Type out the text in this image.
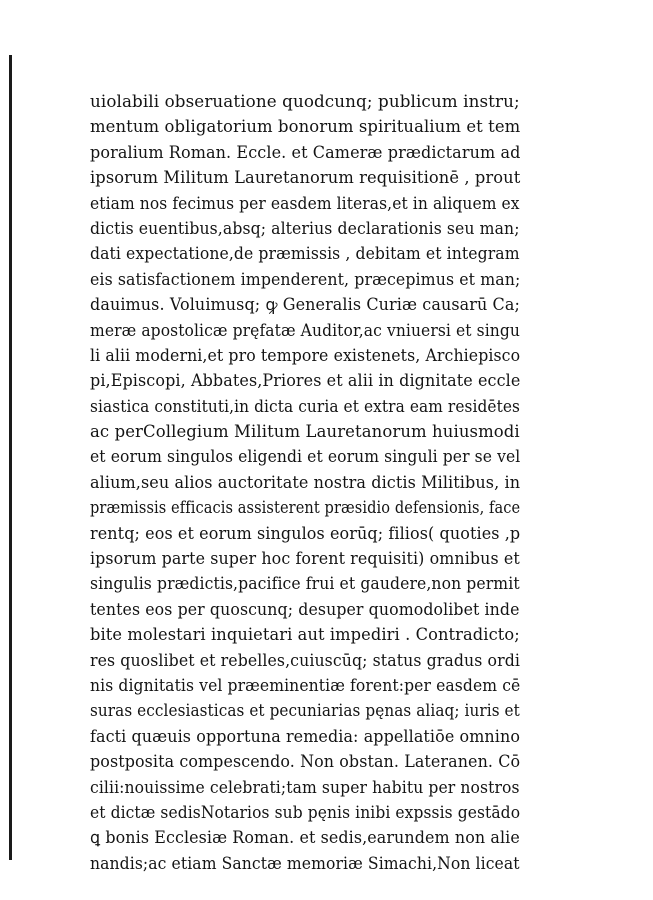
uiolabili obseruatione quodcunq; publicum instru;
mentum obligatorium bonorum spiritualium et tem
poralium Roman. Eccle. et Cameræ prædictarum ad
ipsorum Militum Lauretanorum requisitionē , prout
etiam nos fecimus per easdem literas,et in aliquem ex
dictis euentibus,absq; alterius declarationis seu man;
dati expectatione,de præmissis , debitam et integram
eis satisfactionem impenderent, præcepimus et man;
dauimus. Voluimusq; ꝙ Generalis Curiæ causarū Ca;
meræ apostolicæ pręfatæ Auditor,ac vniuersi et singu
li alii moderni,et pro tempore existenets, Archiepisco
pi,Episcopi, Abbates,Priores et alii in dignitate eccle
siastica constituti,in dicta curia et extra eam residētes
ac perCollegium Militum Lauretanorum huiusmodi
et eorum singulos eligendi et eorum singuli per se vel
alium,seu alios auctoritate nostra dictis Militibus, in
præmissis efficacis assisterent præsidio defensionis, face
rentq; eos et eorum singulos eorūq; filios( quoties ,p
ipsorum parte super hoc forent requisiti) omnibus et
singulis prædictis,pacifice frui et gaudere,non permit
tentes eos per quoscunq; desuper quomodolibet inde
bite molestari inquietari aut impediri . Contradicto;
res quoslibet et rebelles,cuiuscūq; status gradus ordi
nis dignitatis vel præeminentiæ forent:per easdem cē
suras ecclesiasticas et pecuniarias pęnas aliaq; iuris et
facti quæuis opportuna remedia: appellatiōe omnino
postposita compescendo. Non obstan. Lateranen. Cō
cilii:nouissime celebrati;tam super habitu per nostros
et dictæ sedisNotarios sub pęnis inibi expssis gestādo
ꝗ bonis Ecclesiæ Roman. et sedis,earundem non alie
nandis;ac etiam Sanctæ memoriæ Simachi,Non liceat
